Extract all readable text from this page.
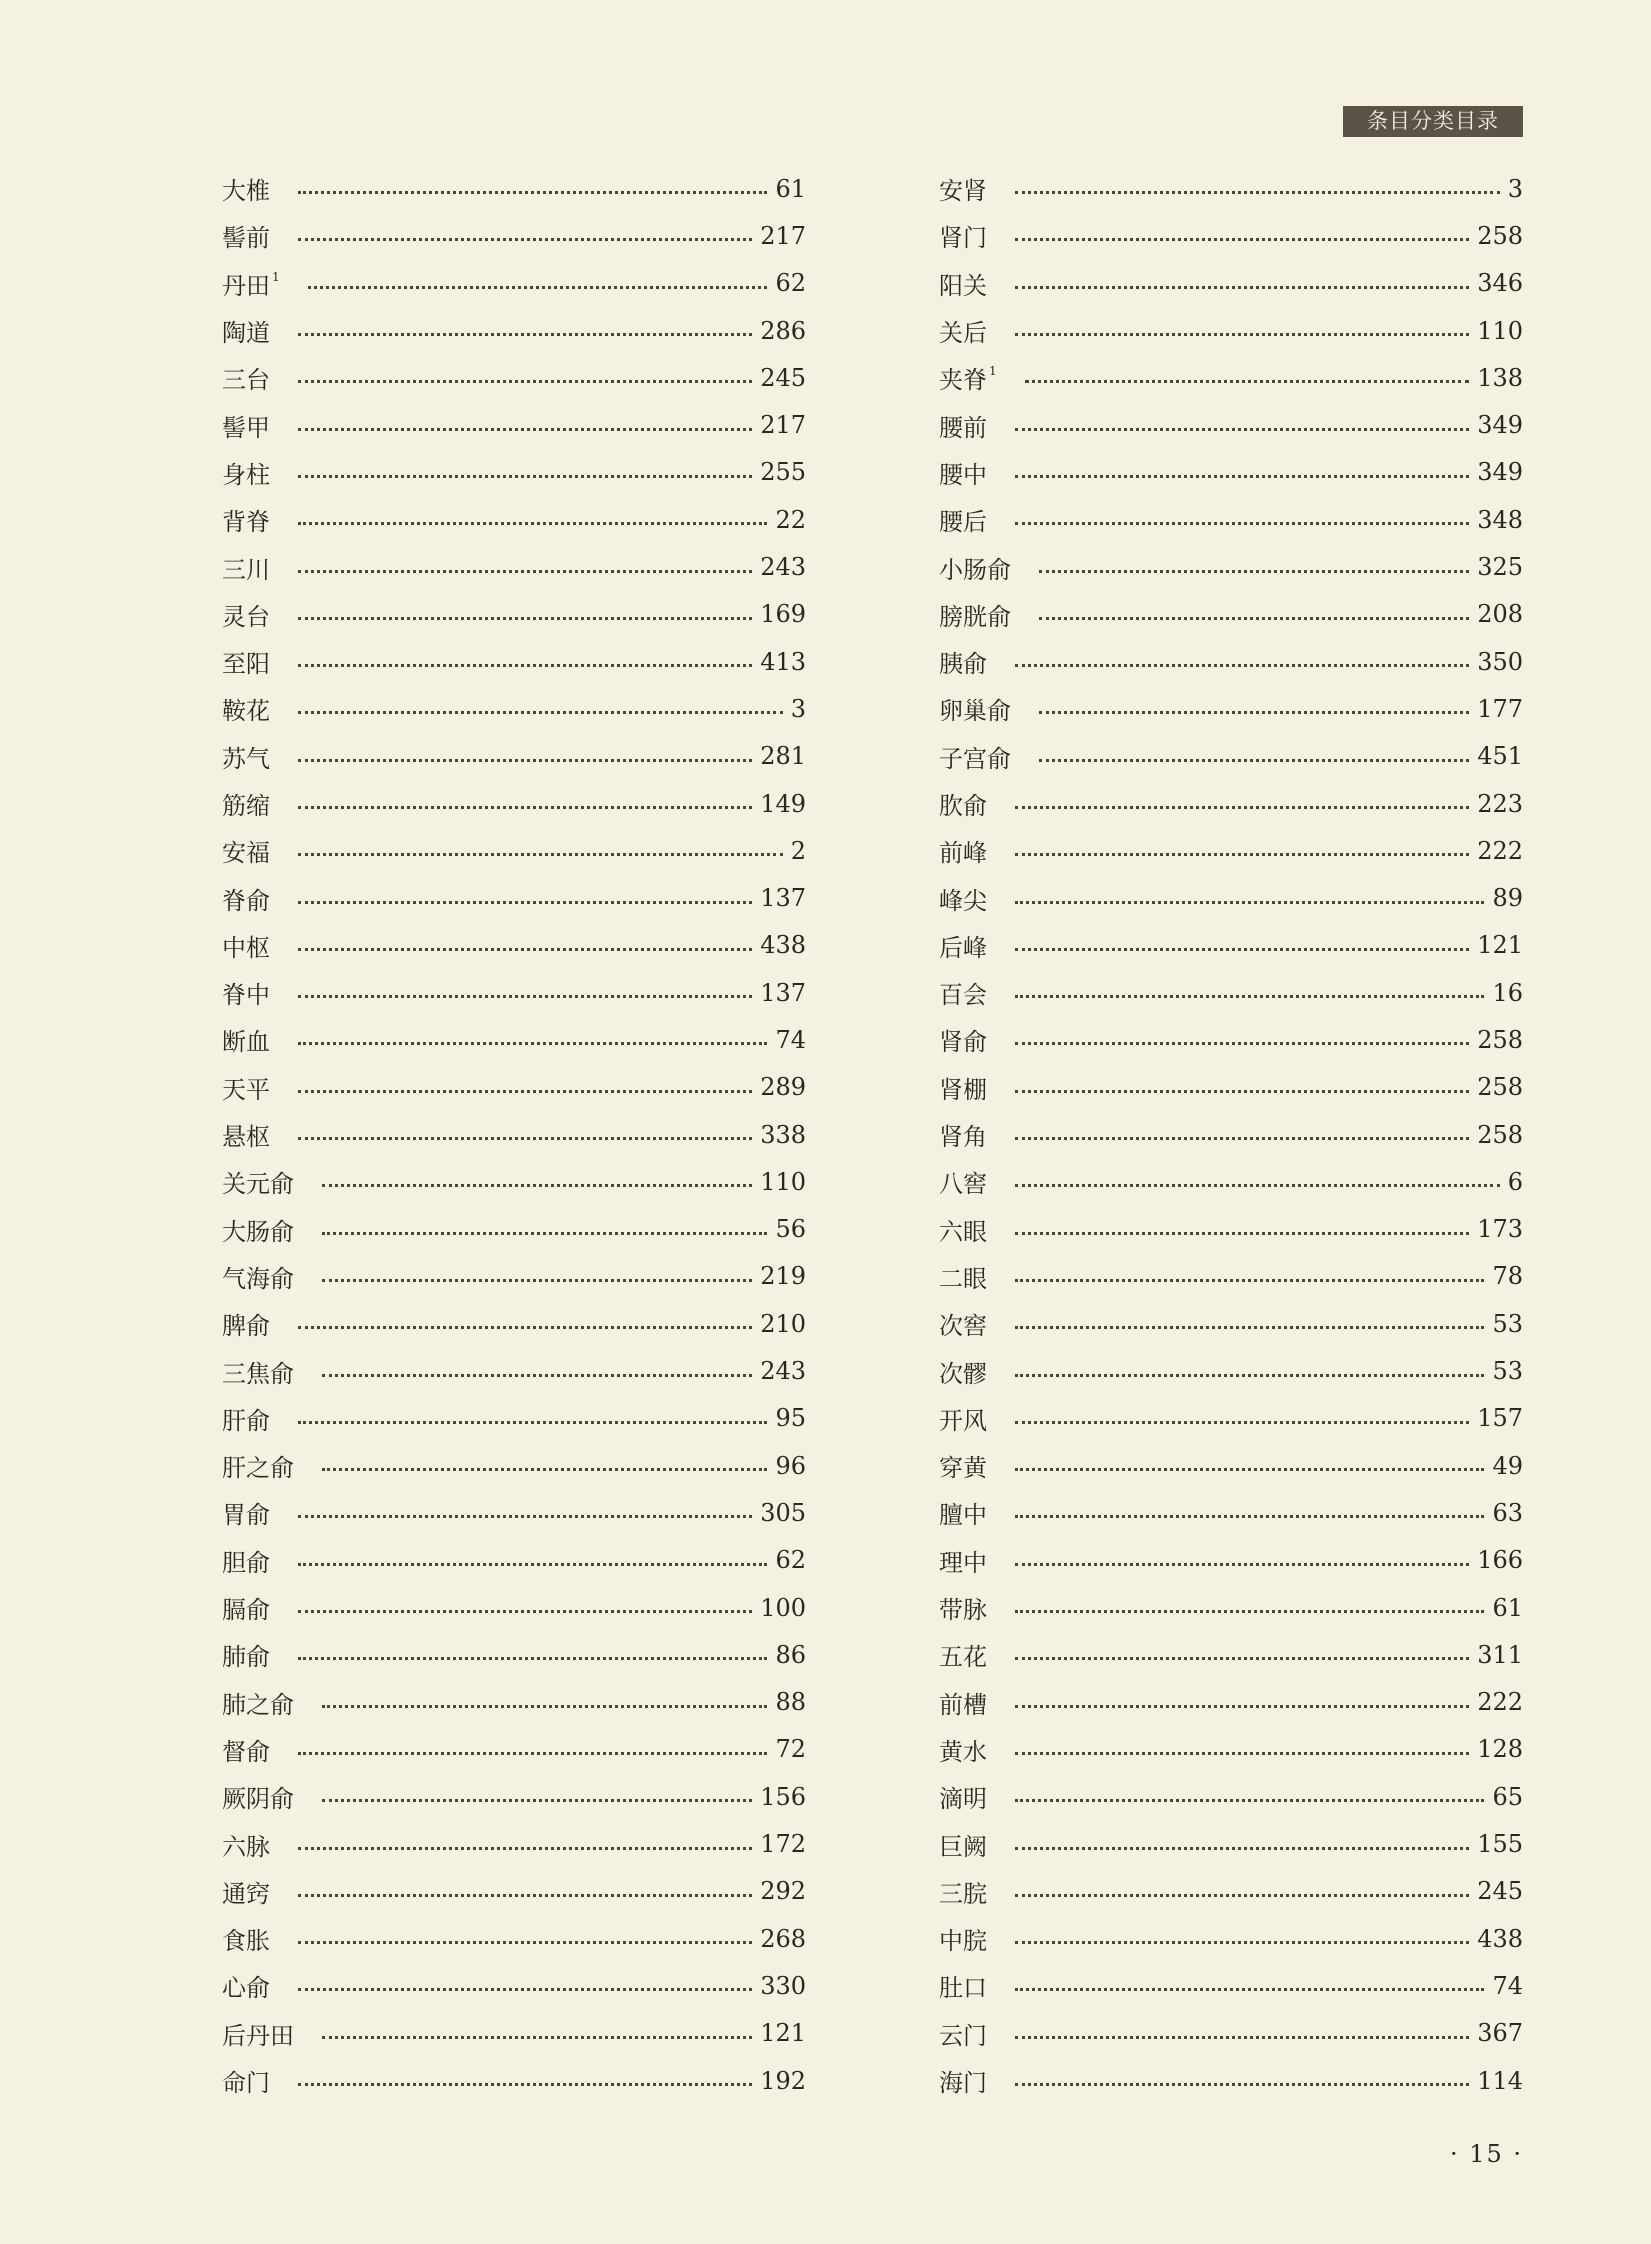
条目分类目录
大椎	61
髻前	217
丹田 $^1$	62
陶道	286
三台	245
髻甲	217
身柱	255
背脊	22
三川	243
灵台	169
至阳	413
鞍花	3
苏气	281
筋缩	149
安福	2
脊俞	137
中枢	438
脊中	137
断血	74
天平	289
悬枢	338
关元俞	110
大肠俞	56
气海俞	219
脾俞	210
三焦俞	243
肝俞	95
肝之俞	96
胃俞	305
胆俞	62
膈俞	100
肺俞	86
肺之俞	88
督俞	72
厥阴俞	156
六脉	172
通窍	292
食胀	268
心俞	330
后丹田	121
命门	192
安肾	3
肾门	258
阳关	346
关后	110
夹脊 $^1$	138
腰前	349
腰中	349
腰后	348
小肠俞	325
膀胱俞	208
胰俞	350
卵巢俞	177
子宫俞	451
肷俞	223
前峰	222
峰尖	89
后峰	121
百会	16
肾俞	258
肾棚	258
肾角	258
八窖	6
六眼	173
二眼	78
次窖	53
次髎	53
开风	157
穿黄	49
膻中	63
理中	166
带脉	61
五花	311
前槽	222
黄水	128
滴明	65
巨阙	155
三脘	245
中脘	438
肚口	74
云门	367
海门	114
· 15 ·
